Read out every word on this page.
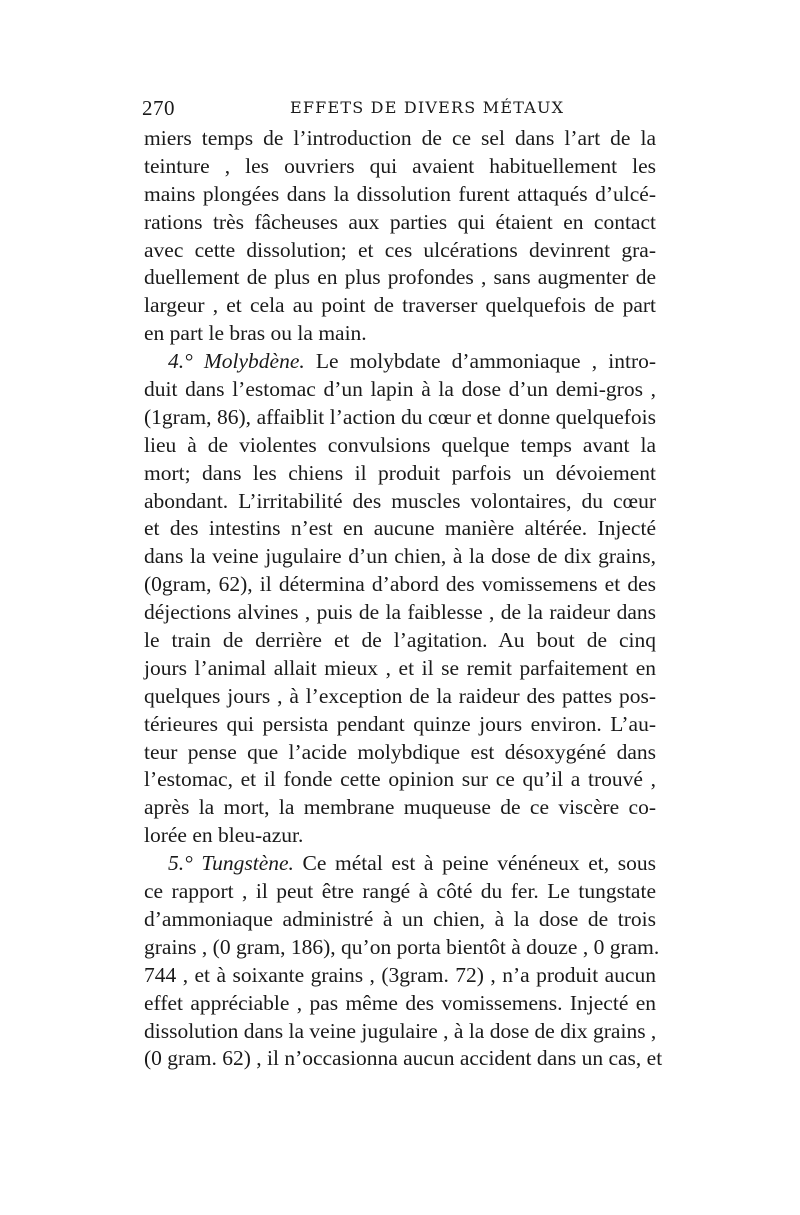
270	EFFETS DE DIVERS MÉTAUX
miers temps de l’introduction de ce sel dans l’art de la
teinture , les ouvriers qui avaient habituellement les
mains plongées dans la dissolution furent attaqués d’ulcé-
rations très fâcheuses aux parties qui étaient en contact
avec cette dissolution; et ces ulcérations devinrent gra-
duellement de plus en plus profondes , sans augmenter de
largeur , et cela au point de traverser quelquefois de part
en part le bras ou la main.
4.° Molybdène. Le molybdate d’ammoniaque , intro-
duit dans l’estomac d’un lapin à la dose d’un demi-gros ,
(1gram, 86), affaiblit l’action du cœur et donne quelquefois
lieu à de violentes convulsions quelque temps avant la
mort; dans les chiens il produit parfois un dévoiement
abondant. L’irritabilité des muscles volontaires, du cœur
et des intestins n’est en aucune manière altérée. Injecté
dans la veine jugulaire d’un chien, à la dose de dix grains,
(0gram, 62), il détermina d’abord des vomissemens et des
déjections alvines , puis de la faiblesse , de la raideur dans
le train de derrière et de l’agitation. Au bout de cinq
jours l’animal allait mieux , et il se remit parfaitement en
quelques jours , à l’exception de la raideur des pattes pos-
térieures qui persista pendant quinze jours environ. L’au-
teur pense que l’acide molybdique est désoxygéné dans
l’estomac, et il fonde cette opinion sur ce qu’il a trouvé ,
après la mort, la membrane muqueuse de ce viscère co-
lorée en bleu-azur.
5.° Tungstène. Ce métal est à peine vénéneux et, sous
ce rapport , il peut être rangé à côté du fer. Le tungstate
d’ammoniaque administré à un chien, à la dose de trois
grains , (0 gram, 186), qu’on porta bientôt à douze , 0 gram.
744 , et à soixante grains , (3gram. 72) , n’a produit aucun
effet appréciable , pas même des vomissemens. Injecté en
dissolution dans la veine jugulaire , à la dose de dix grains ,
(0 gram. 62) , il n’occasionna aucun accident dans un cas, et
